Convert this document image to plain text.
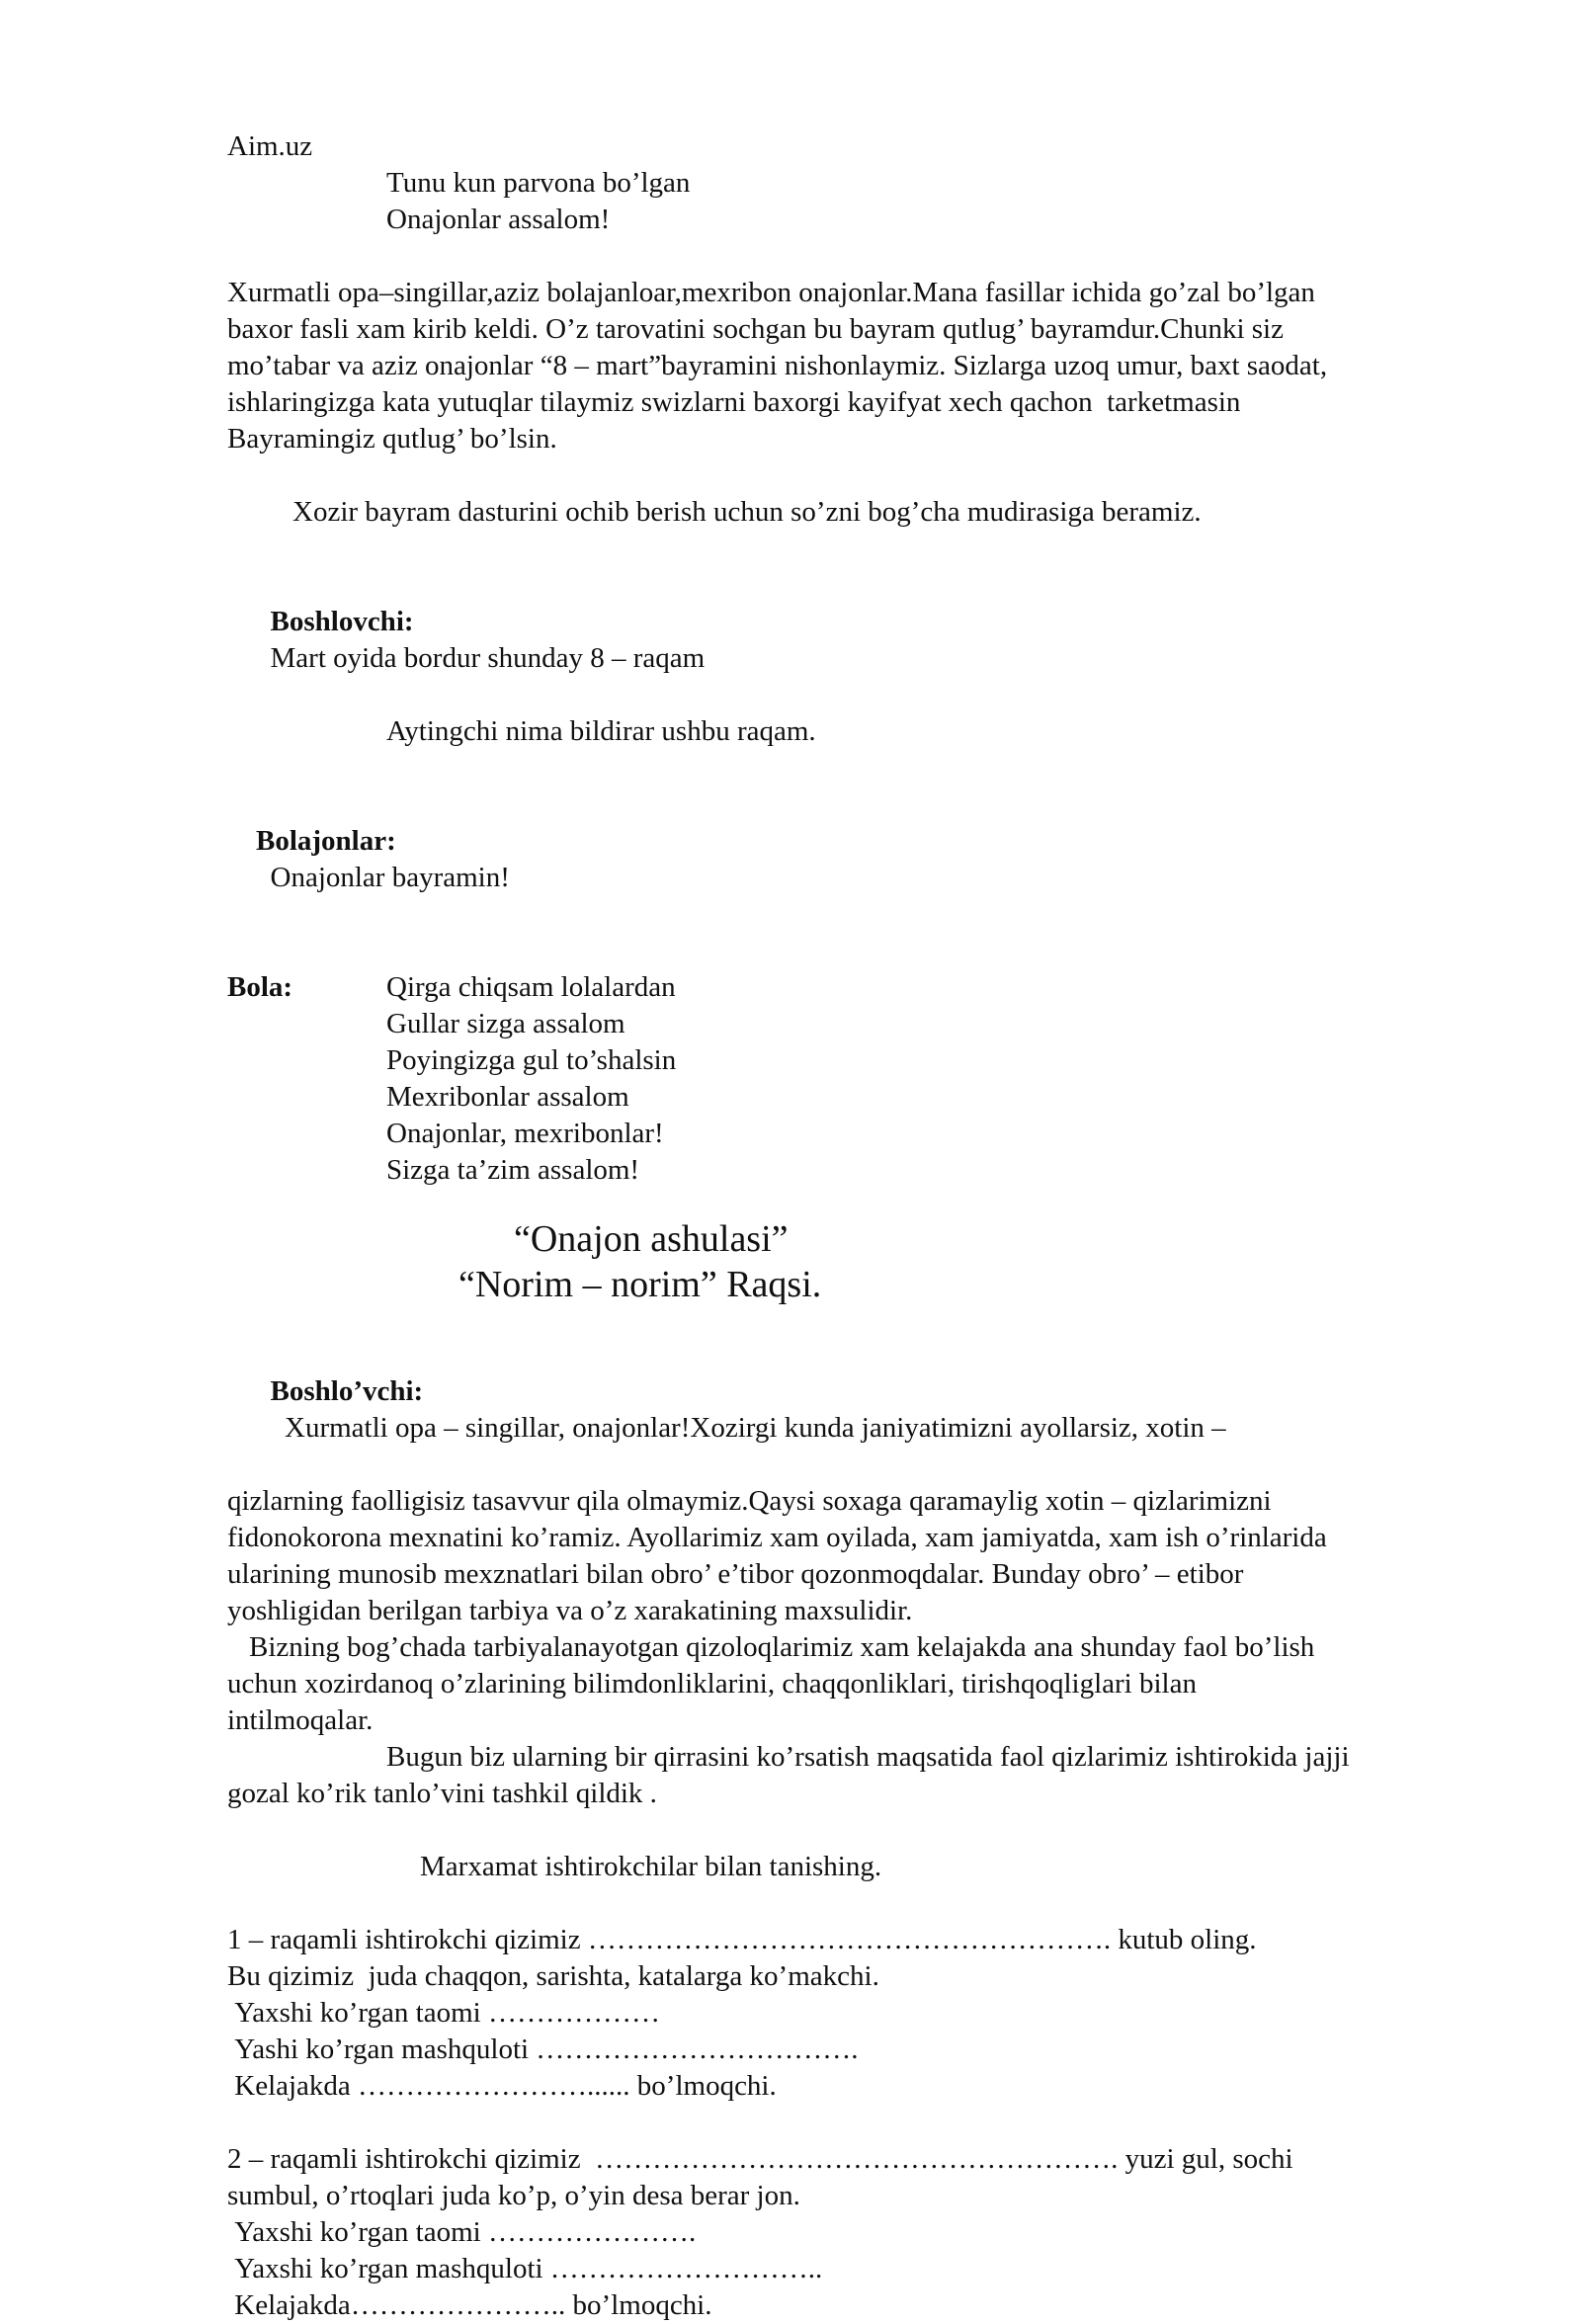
Aim.uz

Tunu kun parvona bo’lgan

Onajonlar assalom!

Xurmatli opa–singillar,aziz bolajanloar,mexribon onajonlar.Mana fasillar ichida go’zal bo’lgan

baxor fasli xam kirib keldi. O’z tarovatini sochgan bu bayram qutlug’ bayramdur.Chunki siz

mo’tabar va aziz onajonlar “8 – mart”bayramini nishonlaymiz. Sizlarga uzoq umur, baxt saodat,

ishlaringizga kata yutuqlar tilaymiz swizlarni baxorgi kayifyat xech qachon  tarketmasin

Bayramingiz qutlug’ bo’lsin.

Xozir bayram dasturini ochib berish uchun so’zni bog’cha mudirasiga beramiz.

Boshlovchi:
Mart oyida bordur shunday 8 – raqam

Aytingchi nima bildirar ushbu raqam.

Bolajonlar:
Onajonlar bayramin!

Bola:	Qirga chiqsam lolalardan

Gullar sizga assalom

Poyingizga gul to’shalsin

Mexribonlar assalom

Onajonlar, mexribonlar!

Sizga ta’zim assalom!

“Onajon ashulasi”

“Norim – norim” Raqsi.

Boshlo’vchi:
Xurmatli opa – singillar, onajonlar!Xozirgi kunda janiyatimizni ayollarsiz, xotin –

qizlarning faolligisiz tasavvur qila olmaymiz.Qaysi soxaga qaramaylig xotin – qizlarimizni

fidonokorona mexnatini ko’ramiz. Ayollarimiz xam oyilada, xam jamiyatda, xam ish o’rinlarida

ularining munosib mexznatlari bilan obro’ e’tibor qozonmoqdalar. Bunday obro’ – etibor

yoshligidan berilgan tarbiya va o’z xarakatining maxsulidir.

Bizning bog’chada tarbiyalanayotgan qizoloqlarimiz xam kelajakda ana shunday faol bo’lish

uchun xozirdanoq o’zlarining bilimdonliklarini, chaqqonliklari, tirishqoqliglari bilan

intilmoqalar.

Bugun biz ularning bir qirrasini ko’rsatish maqsatida faol qizlarimiz ishtirokida jajji

gozal ko’rik tanlo’vini tashkil qildik .

Marxamat ishtirokchilar bilan tanishing.

1 – raqamli ishtirokchi qizimiz ………………………………………………. kutub oling.

Bu qizimiz  juda chaqqon, sarishta, katalarga ko’makchi.

Yaxshi ko’rgan taomi ………………

Yashi ko’rgan mashquloti …………………………….

Kelajakda ……………………...... bo’lmoqchi.

2 – raqamli ishtirokchi qizimiz  ………………………………………………. yuzi gul, sochi

sumbul, o’rtoqlari juda ko’p, o’yin desa berar jon.

Yaxshi ko’rgan taomi ………………….

Yaxshi ko’rgan mashquloti ………………………..

Kelajakda………………….. bo’lmoqchi.
